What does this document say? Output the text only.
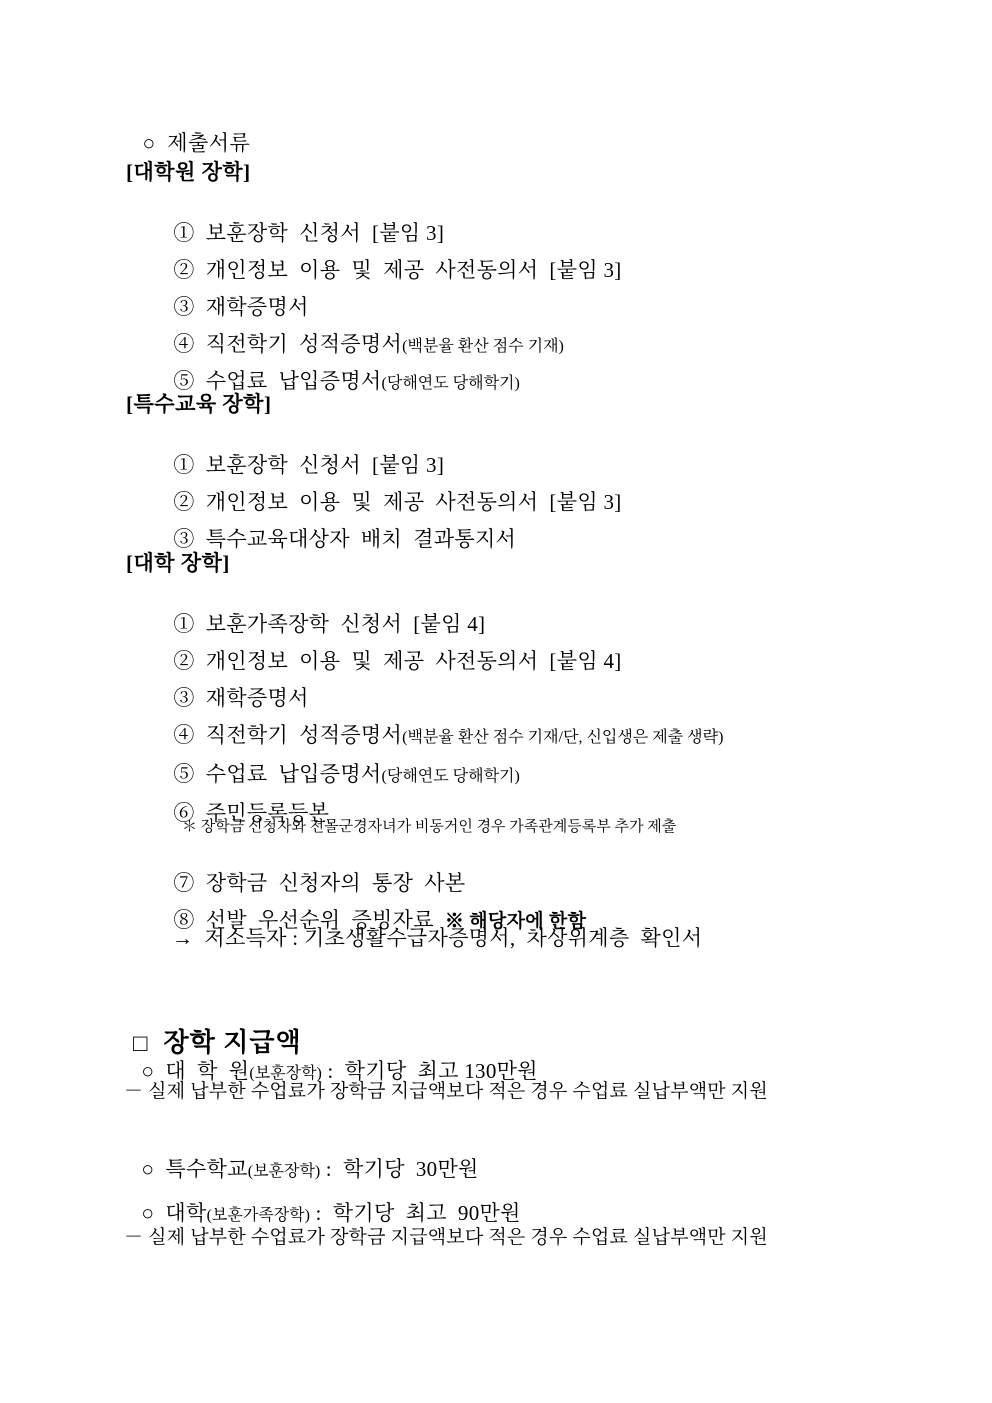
○ 제출서류

[대학원 장학]

① 보훈장학  신청서  [붙임 3]

② 개인정보  이용  및  제공  사전동의서  [붙임 3]

③ 재학증명서

④ 직전학기  성적증명서(백분율 환산 점수 기재)

⑤ 수업료  납입증명서(당해연도 당해학기)

[특수교육 장학]

① 보훈장학  신청서  [붙임 3]

② 개인정보  이용  및  제공  사전동의서  [붙임 3]

③ 특수교육대상자  배치  결과통지서

[대학 장학]

① 보훈가족장학  신청서  [붙임 4]

② 개인정보  이용  및  제공  사전동의서  [붙임 4]

③ 재학증명서

④ 직전학기  성적증명서(백분율 환산 점수 기재/단, 신입생은 제출 생략)

⑤ 수업료  납입증명서(당해연도 당해학기)

⑥ 주민등록등본

＊ 장학금 신청자와 전몰군경자녀가 비동거인 경우 가족관계등록부 추가 제출

⑦ 장학금  신청자의  통장  사본

⑧ 선발  우선순위  증빙자료  ※ 해당자에 한함

→  저소득자 : 기초생활수급자증명서,  차상위계층  확인서

□ 장학 지급액

○ 대  학  원(보훈장학) :  학기당  최고 130만원

－ 실제 납부한 수업료가 장학금 지급액보다 적은 경우 수업료 실납부액만 지원

○ 특수학교(보훈장학) :  학기당  30만원

○ 대학(보훈가족장학) :  학기당  최고  90만원

－ 실제 납부한 수업료가 장학금 지급액보다 적은 경우 수업료 실납부액만 지원
